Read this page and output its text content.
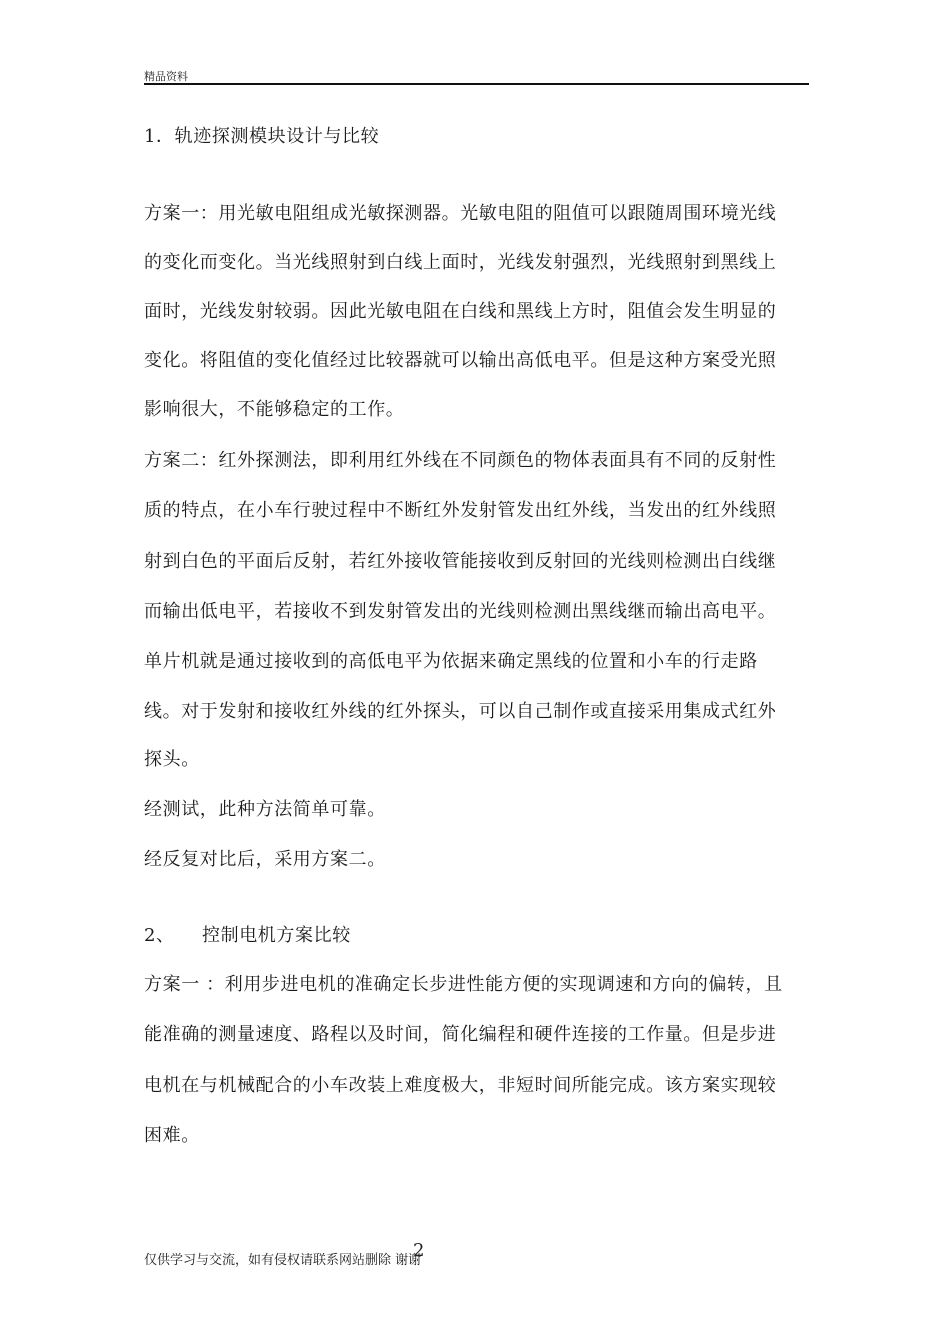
精品资料
1．轨迹探测模块设计与比较
方案一：用光敏电阻组成光敏探测器。光敏电阻的阻值可以跟随周围环境光线
的变化而变化。当光线照射到白线上面时，光线发射强烈，光线照射到黑线上
面时，光线发射较弱。因此光敏电阻在白线和黑线上方时，阻值会发生明显的
变化。将阻值的变化值经过比较器就可以输出高低电平。但是这种方案受光照
影响很大，不能够稳定的工作。
方案二：红外探测法，即利用红外线在不同颜色的物体表面具有不同的反射性
质的特点，在小车行驶过程中不断红外发射管发出红外线，当发出的红外线照
射到白色的平面后反射，若红外接收管能接收到反射回的光线则检测出白线继
而输出低电平，若接收不到发射管发出的光线则检测出黑线继而输出高电平。
单片机就是通过接收到的高低电平为依据来确定黑线的位置和小车的行走路
线。对于发射和接收红外线的红外探头，可以自己制作或直接采用集成式红外
探头。
经测试，此种方法简单可靠。
经反复对比后，采用方案二。
2、 控制电机方案比较
方案一 ：利用步进电机的准确定长步进性能方便的实现调速和方向的偏转，且
能准确的测量速度、路程以及时间，简化编程和硬件连接的工作量。但是步进
电机在与机械配合的小车改装上难度极大，非短时间所能完成。该方案实现较
困难。
仅供学习与交流，如有侵权请联系网站删除 谢谢
2
